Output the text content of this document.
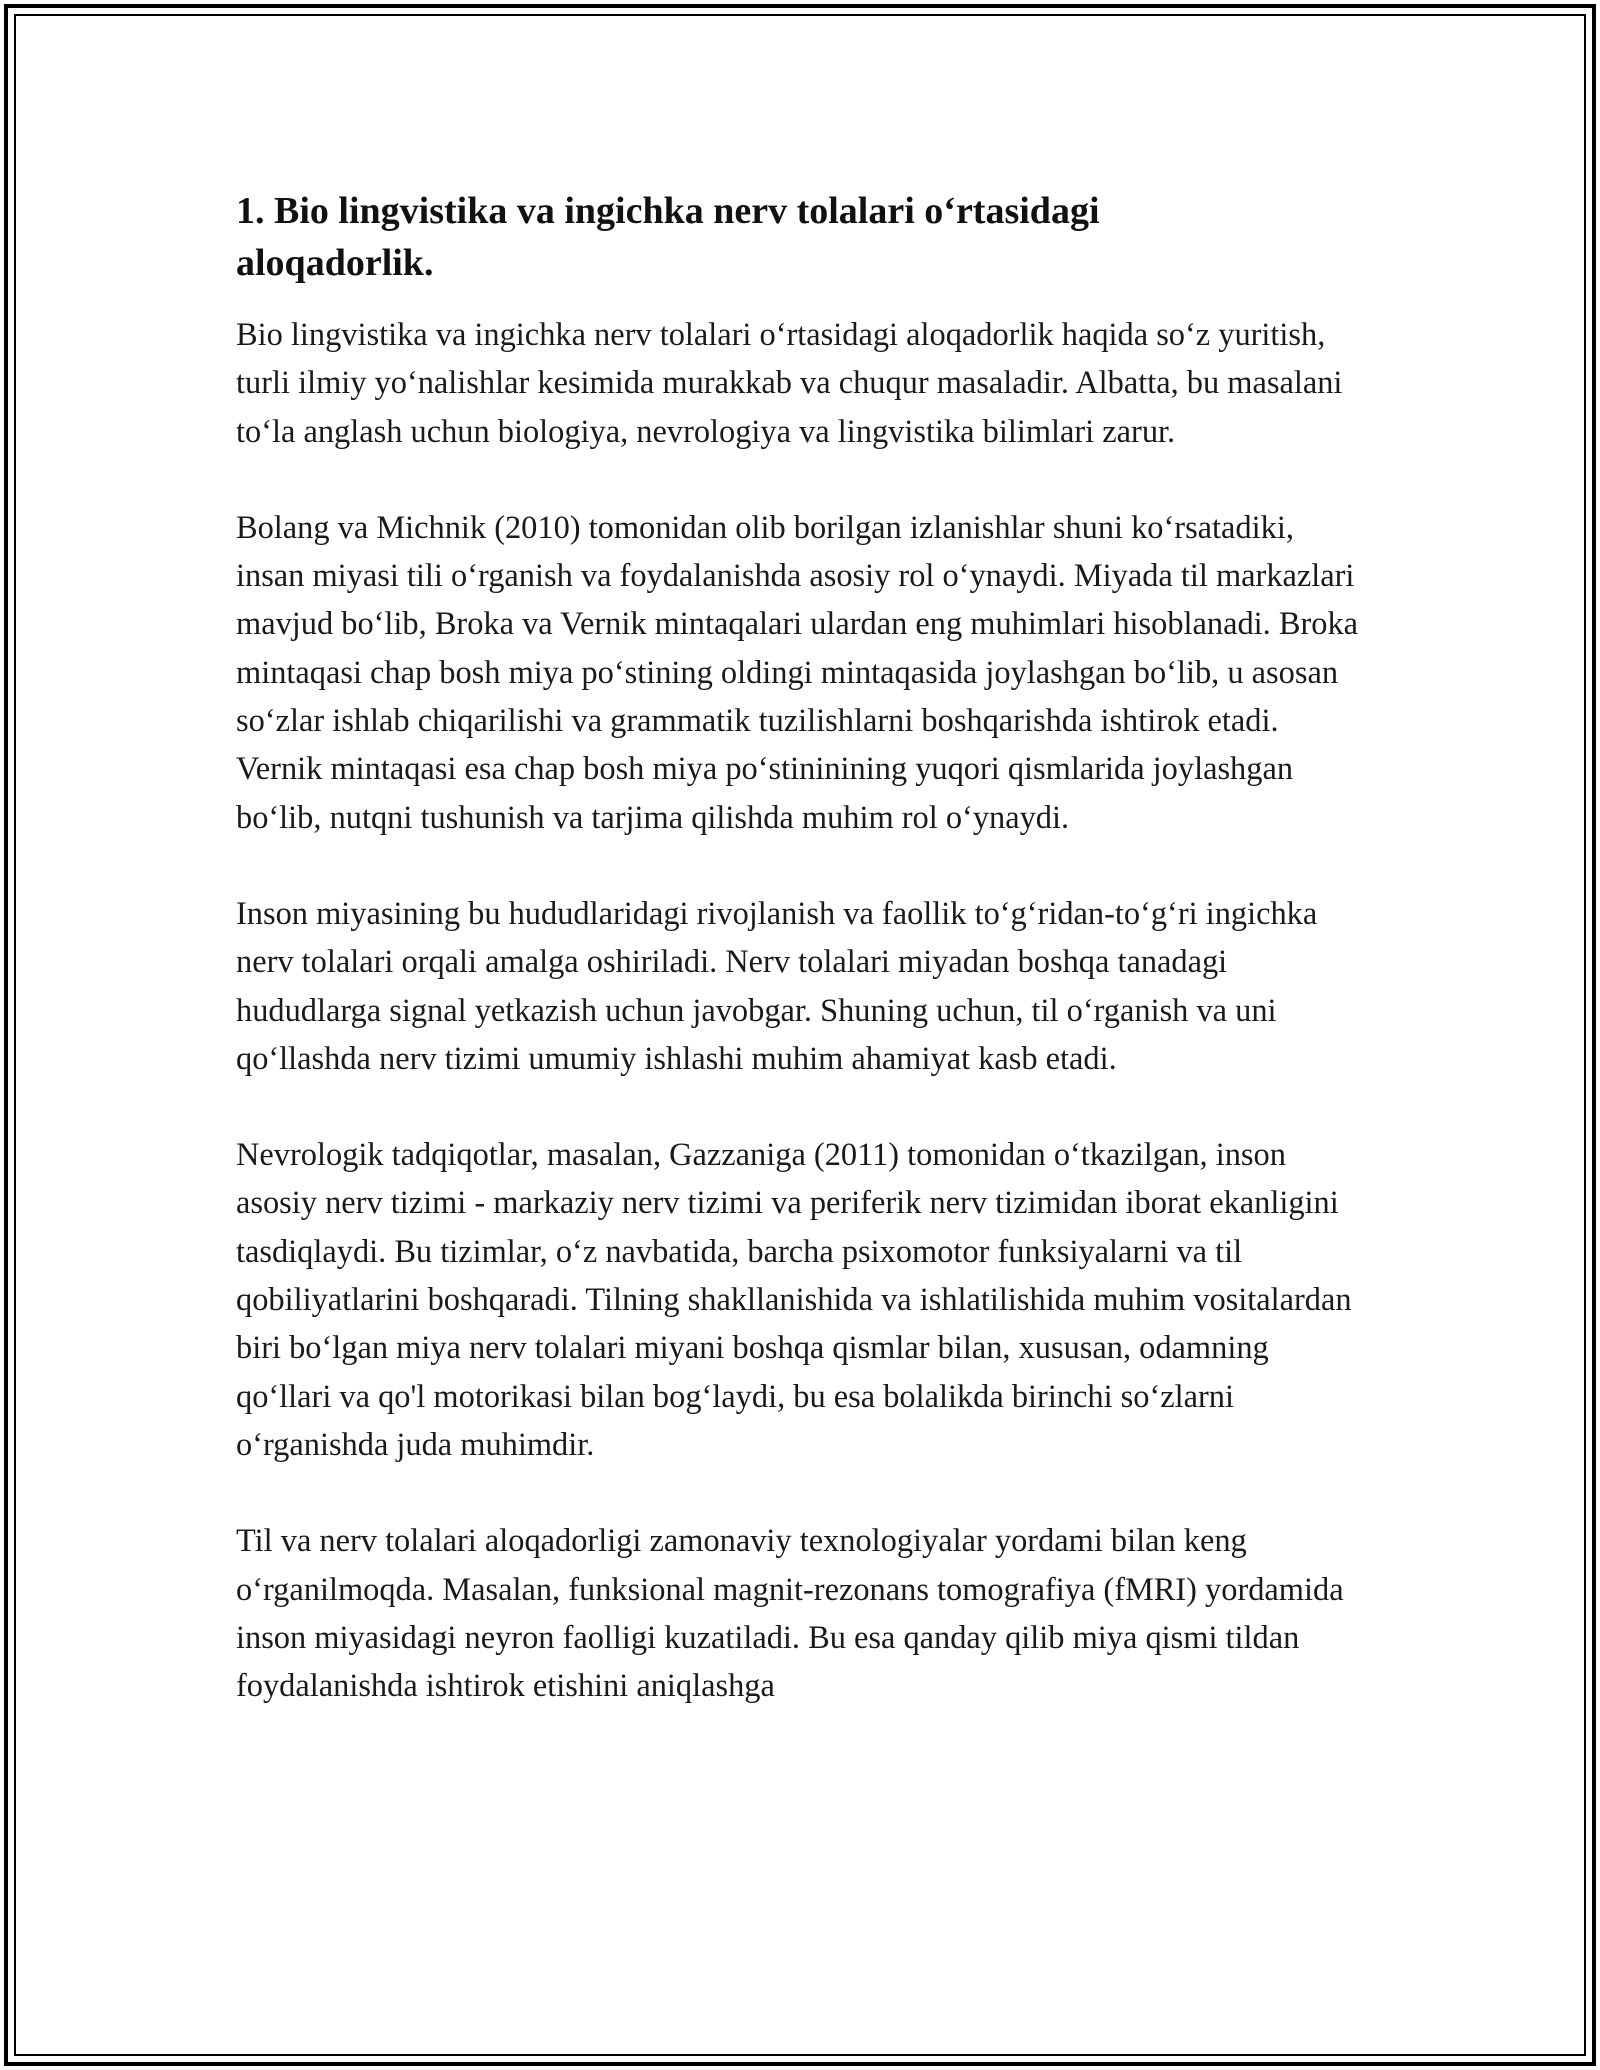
1. Bio lingvistika va ingichka nerv tolalari o‘rtasidagi
aloqadorlik.

Bio lingvistika va ingichka nerv tolalari o‘rtasidagi aloqadorlik haqida so‘z yuritish, turli ilmiy yo‘nalishlar kesimida murakkab va chuqur masaladir. Albatta, bu masalani to‘la anglash uchun biologiya, nevrologiya va lingvistika bilimlari zarur.

Bolang va Michnik (2010) tomonidan olib borilgan izlanishlar shuni ko‘rsatadiki, insan miyasi tili o‘rganish va foydalanishda asosiy rol o‘ynaydi. Miyada til markazlari mavjud bo‘lib, Broka va Vernik mintaqalari ulardan eng muhimlari hisoblanadi. Broka mintaqasi chap bosh miya po‘stining oldingi mintaqasida joylashgan bo‘lib, u asosan so‘zlar ishlab chiqarilishi va grammatik tuzilishlarni boshqarishda ishtirok etadi. Vernik mintaqasi esa chap bosh miya po‘stininining yuqori qismlarida joylashgan bo‘lib, nutqni tushunish va tarjima qilishda muhim rol o‘ynaydi.

Inson miyasining bu hududlaridagi rivojlanish va faollik to‘g‘ridan-to‘g‘ri ingichka nerv tolalari orqali amalga oshiriladi. Nerv tolalari miyadan boshqa tanadagi hududlarga signal yetkazish uchun javobgar. Shuning uchun, til o‘rganish va uni qo‘llashda nerv tizimi umumiy ishlashi muhim ahamiyat kasb etadi.

Nevrologik tadqiqotlar, masalan, Gazzaniga (2011) tomonidan o‘tkazilgan, inson asosiy nerv tizimi - markaziy nerv tizimi va periferik nerv tizimidan iborat ekanligini tasdiqlaydi. Bu tizimlar, o‘z navbatida, barcha psixomotor funksiyalarni va til qobiliyatlarini boshqaradi. Tilning shakllanishida va ishlatilishida muhim vositalardan biri bo‘lgan miya nerv tolalari miyani boshqa qismlar bilan, xususan, odamning qo‘llari va qo'l motorikasi bilan bog‘laydi, bu esa bolalikda birinchi so‘zlarni o‘rganishda juda muhimdir.

Til va nerv tolalari aloqadorligi zamonaviy texnologiyalar yordami bilan keng o‘rganilmoqda. Masalan, funksional magnit-rezonans tomografiya (fMRI) yordamida inson miyasidagi neyron faolligi kuzatiladi. Bu esa qanday qilib miya qismi tildan foydalanishda ishtirok etishini aniqlashga
